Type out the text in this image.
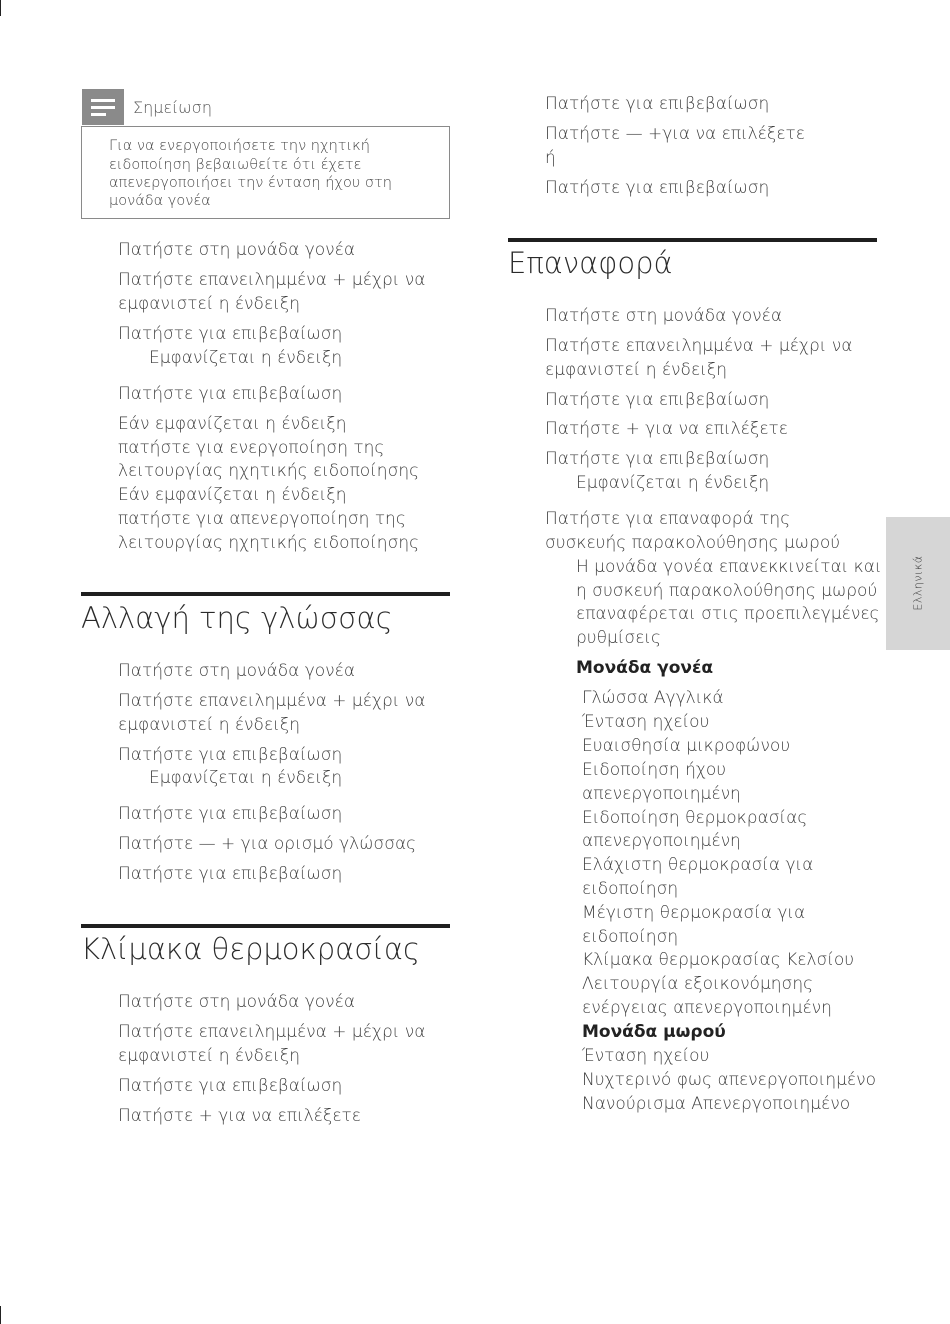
Σημείωση
Για να ενεργοποιήσετε την ηχητική
ειδοποίηση βεβαιωθείτε ότι έχετε
απενεργοποιήσει την ένταση ήχου στη
μονάδα γονέα
Πατήστε στη μονάδα γονέα
Πατήστε επανειλημμένα + μέχρι να
εμφανιστεί η ένδειξη
Πατήστε για επιβεβαίωση
Εμφανίζεται η ένδειξη
Πατήστε για επιβεβαίωση
Εάν εμφανίζεται η ένδειξη
πατήστε για ενεργοποίηση της
λειτουργίας ηχητικής ειδοποίησης
Εάν εμφανίζεται η ένδειξη
πατήστε για απενεργοποίηση της
λειτουργίας ηχητικής ειδοποίησης
Αλλαγή της γλώσσας
Πατήστε στη μονάδα γονέα
Πατήστε επανειλημμένα + μέχρι να
εμφανιστεί η ένδειξη
Πατήστε για επιβεβαίωση
Εμφανίζεται η ένδειξη
Πατήστε για επιβεβαίωση
Πατήστε — + για ορισμό γλώσσας
Πατήστε για επιβεβαίωση
Κλίμακα θερμοκρασίας
Πατήστε στη μονάδα γονέα
Πατήστε επανειλημμένα + μέχρι να
εμφανιστεί η ένδειξη
Πατήστε για επιβεβαίωση
Πατήστε + για να επιλέξετε
Πατήστε για επιβεβαίωση
Πατήστε — +για να επιλέξετε
ή
Πατήστε για επιβεβαίωση
Επαναφορά
Πατήστε στη μονάδα γονέα
Πατήστε επανειλημμένα + μέχρι να
εμφανιστεί η ένδειξη
Πατήστε για επιβεβαίωση
Πατήστε + για να επιλέξετε
Πατήστε για επιβεβαίωση
Εμφανίζεται η ένδειξη
Πατήστε για επαναφορά της
συσκευής παρακολούθησης μωρού
Η μονάδα γονέα επανεκκινείται και
η συσκευή παρακολούθησης μωρού
επαναφέρεται στις προεπιλεγμένες
ρυθμίσεις
Μονάδα γονέα
Γλώσσα Αγγλικά
Ένταση ηχείου
Ευαισθησία μικροφώνου
Ειδοποίηση ήχου
απενεργοποιημένη
Ειδοποίηση θερμοκρασίας
απενεργοποιημένη
Ελάχιστη θερμοκρασία για
ειδοποίηση
Μέγιστη θερμοκρασία για
ειδοποίηση
Κλίμακα θερμοκρασίας Κελσίου
Λειτουργία εξοικονόμησης
ενέργειας απενεργοποιημένη
Μονάδα μωρού
Ένταση ηχείου
Νυχτερινό φως απενεργοποιημένο
Νανούρισμα Απενεργοποιημένο
Ελληνικά
